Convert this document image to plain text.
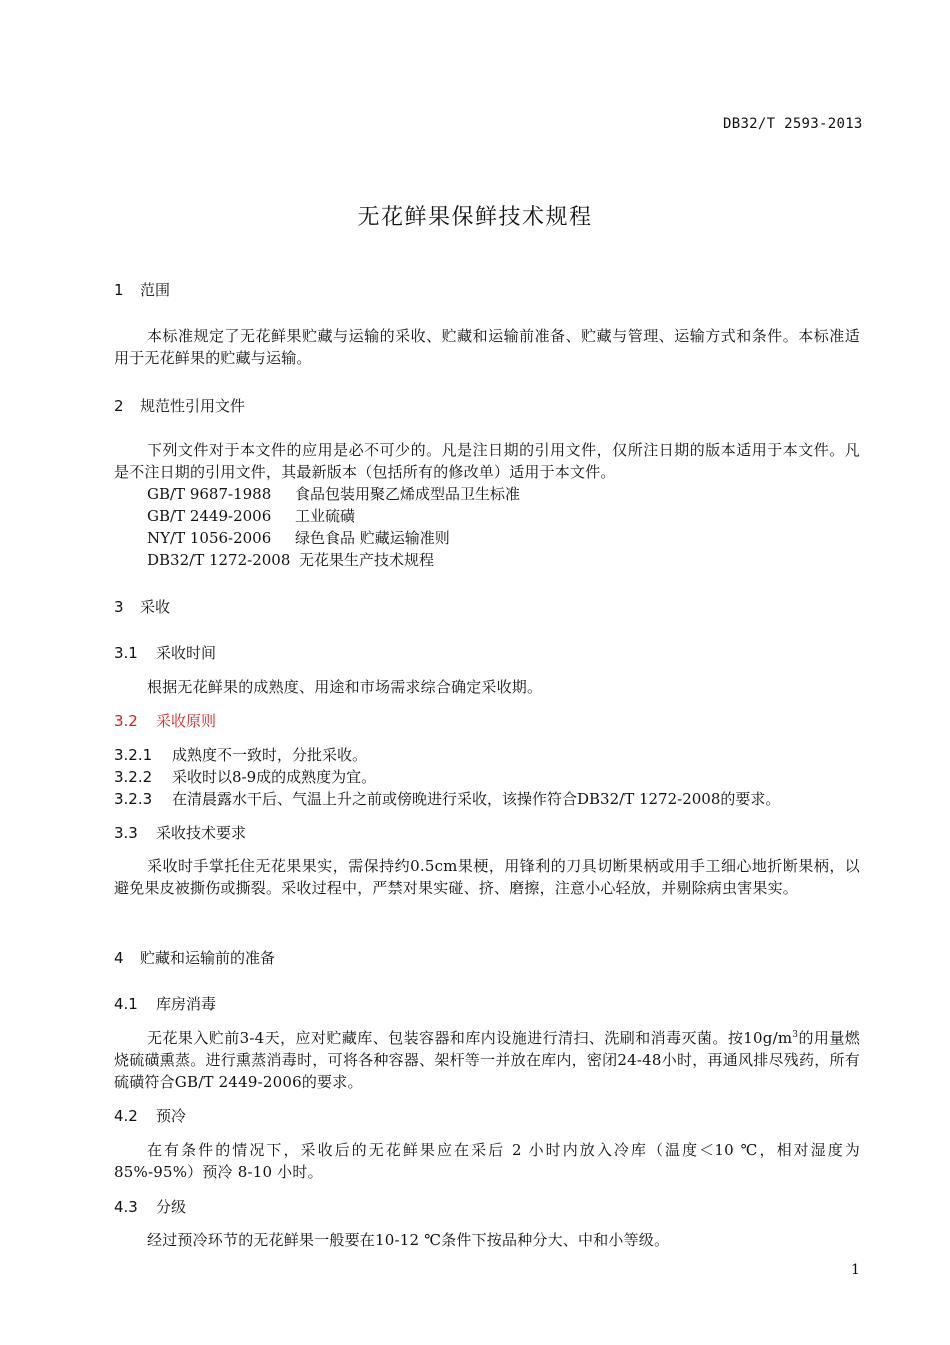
DB32/T 2593-2013
无花鲜果保鲜技术规程
1 范围
本标准规定了无花鲜果贮藏与运输的采收、贮藏和运输前准备、贮藏与管理、运输方式和条件。本标准适用于无花鲜果的贮藏与运输。
2 规范性引用文件
下列文件对于本文件的应用是必不可少的。凡是注日期的引用文件，仅所注日期的版本适用于本文件。凡是不注日期的引用文件，其最新版本（包括所有的修改单）适用于本文件。
GB/T 9687-1988 食品包装用聚乙烯成型品卫生标准
GB/T 2449-2006 工业硫磺
NY/T 1056-2006 绿色食品 贮藏运输准则
DB32/T 1272-2008 无花果生产技术规程
3 采收
3.1 采收时间
根据无花鲜果的成熟度、用途和市场需求综合确定采收期。
3.2 采收原则
3.2.1 成熟度不一致时，分批采收。
3.2.2 采收时以8-9成的成熟度为宜。
3.2.3 在清晨露水干后、气温上升之前或傍晚进行采收，该操作符合DB32/T 1272-2008的要求。
3.3 采收技术要求
采收时手掌托住无花果果实，需保持约0.5cm果梗，用锋利的刀具切断果柄或用手工细心地折断果柄，以避免果皮被撕伤或撕裂。采收过程中，严禁对果实碰、挤、磨擦，注意小心轻放，并剔除病虫害果实。
4 贮藏和运输前的准备
4.1 库房消毒
无花果入贮前3-4天，应对贮藏库、包装容器和库内设施进行清扫、洗刷和消毒灭菌。按$10g/m^3$的用量燃烧硫磺熏蒸。进行熏蒸消毒时，可将各种容器、架杆等一并放在库内，密闭24-48小时，再通风排尽残药，所有硫磺符合GB/T 2449-2006的要求。
4.2 预冷
在有条件的情况下，采收后的无花鲜果应在采后 2 小时内放入冷库（温度＜10 ℃，相对湿度为85%-95%）预冷 8-10 小时。
4.3 分级
经过预冷环节的无花鲜果一般要在10-12 ℃条件下按品种分大、中和小等级。
1
